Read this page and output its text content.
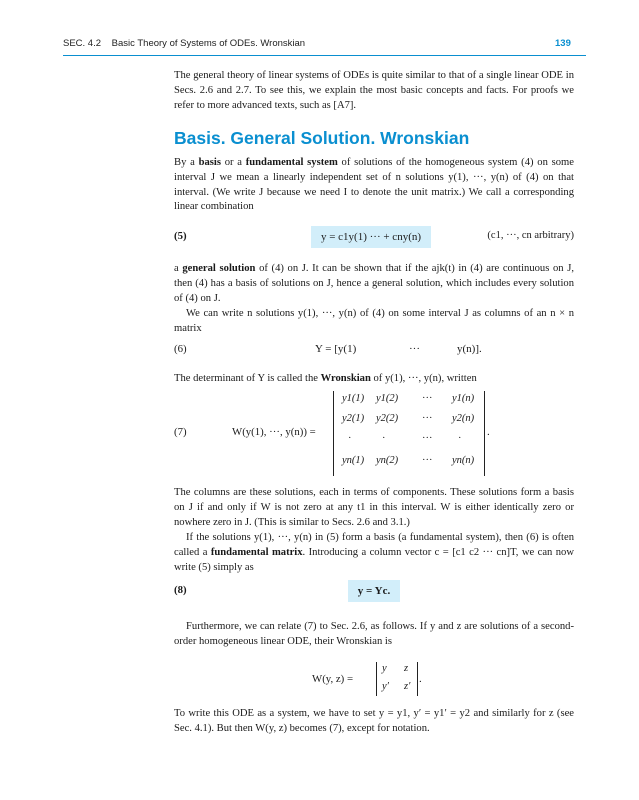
SEC. 4.2 Basic Theory of Systems of ODEs. Wronskian	139

The general theory of linear systems of ODEs is quite similar to that of a single linear ODE in Secs. 2.6 and 2.7. To see this, we explain the most basic concepts and facts. For proofs we refer to more advanced texts, such as [A7].

Basis. General Solution. Wronskian

By a basis or a fundamental system of solutions of the homogeneous system (4) on some interval J we mean a linearly independent set of n solutions y(1), ···, y(n) of (4) on that interval. (We write J because we need I to denote the unit matrix.) We call a corresponding linear combination

(5)	y = c1y(1) ··· + cny(n)	(c1, ···, cn arbitrary)

a general solution of (4) on J. It can be shown that if the ajk(t) in (4) are continuous on J, then (4) has a basis of solutions on J, hence a general solution, which includes every solution of (4) on J.

We can write n solutions y(1), ···, y(n) of (4) on some interval J as columns of an n × n matrix

(6)	Y = [y(1)	···	y(n)].

The determinant of Y is called the Wronskian of y(1), ···, y(n), written

(7)	W(y(1), ···, y(n)) =
y1(1) y1(2) ··· y1(n)
y2(1) y2(2) ··· y2(n)
·	·	··· ·
yn(1) yn(2) ··· yn(n)
.

The columns are these solutions, each in terms of components. These solutions form a basis on J if and only if W is not zero at any t1 in this interval. W is either identically zero or nowhere zero in J. (This is similar to Secs. 2.6 and 3.1.)

If the solutions y(1), ···, y(n) in (5) form a basis (a fundamental system), then (6) is often called a fundamental matrix. Introducing a column vector c = [c1 c2 ··· cn]T, we can now write (5) simply as

(8)	y = Yc.

Furthermore, we can relate (7) to Sec. 2.6, as follows. If y and z are solutions of a second-order homogeneous linear ODE, their Wronskian is

W(y, z) =
y z
y′ z′
.

To write this ODE as a system, we have to set y = y1, y′ = y1′ = y2 and similarly for z (see Sec. 4.1). But then W(y, z) becomes (7), except for notation.
